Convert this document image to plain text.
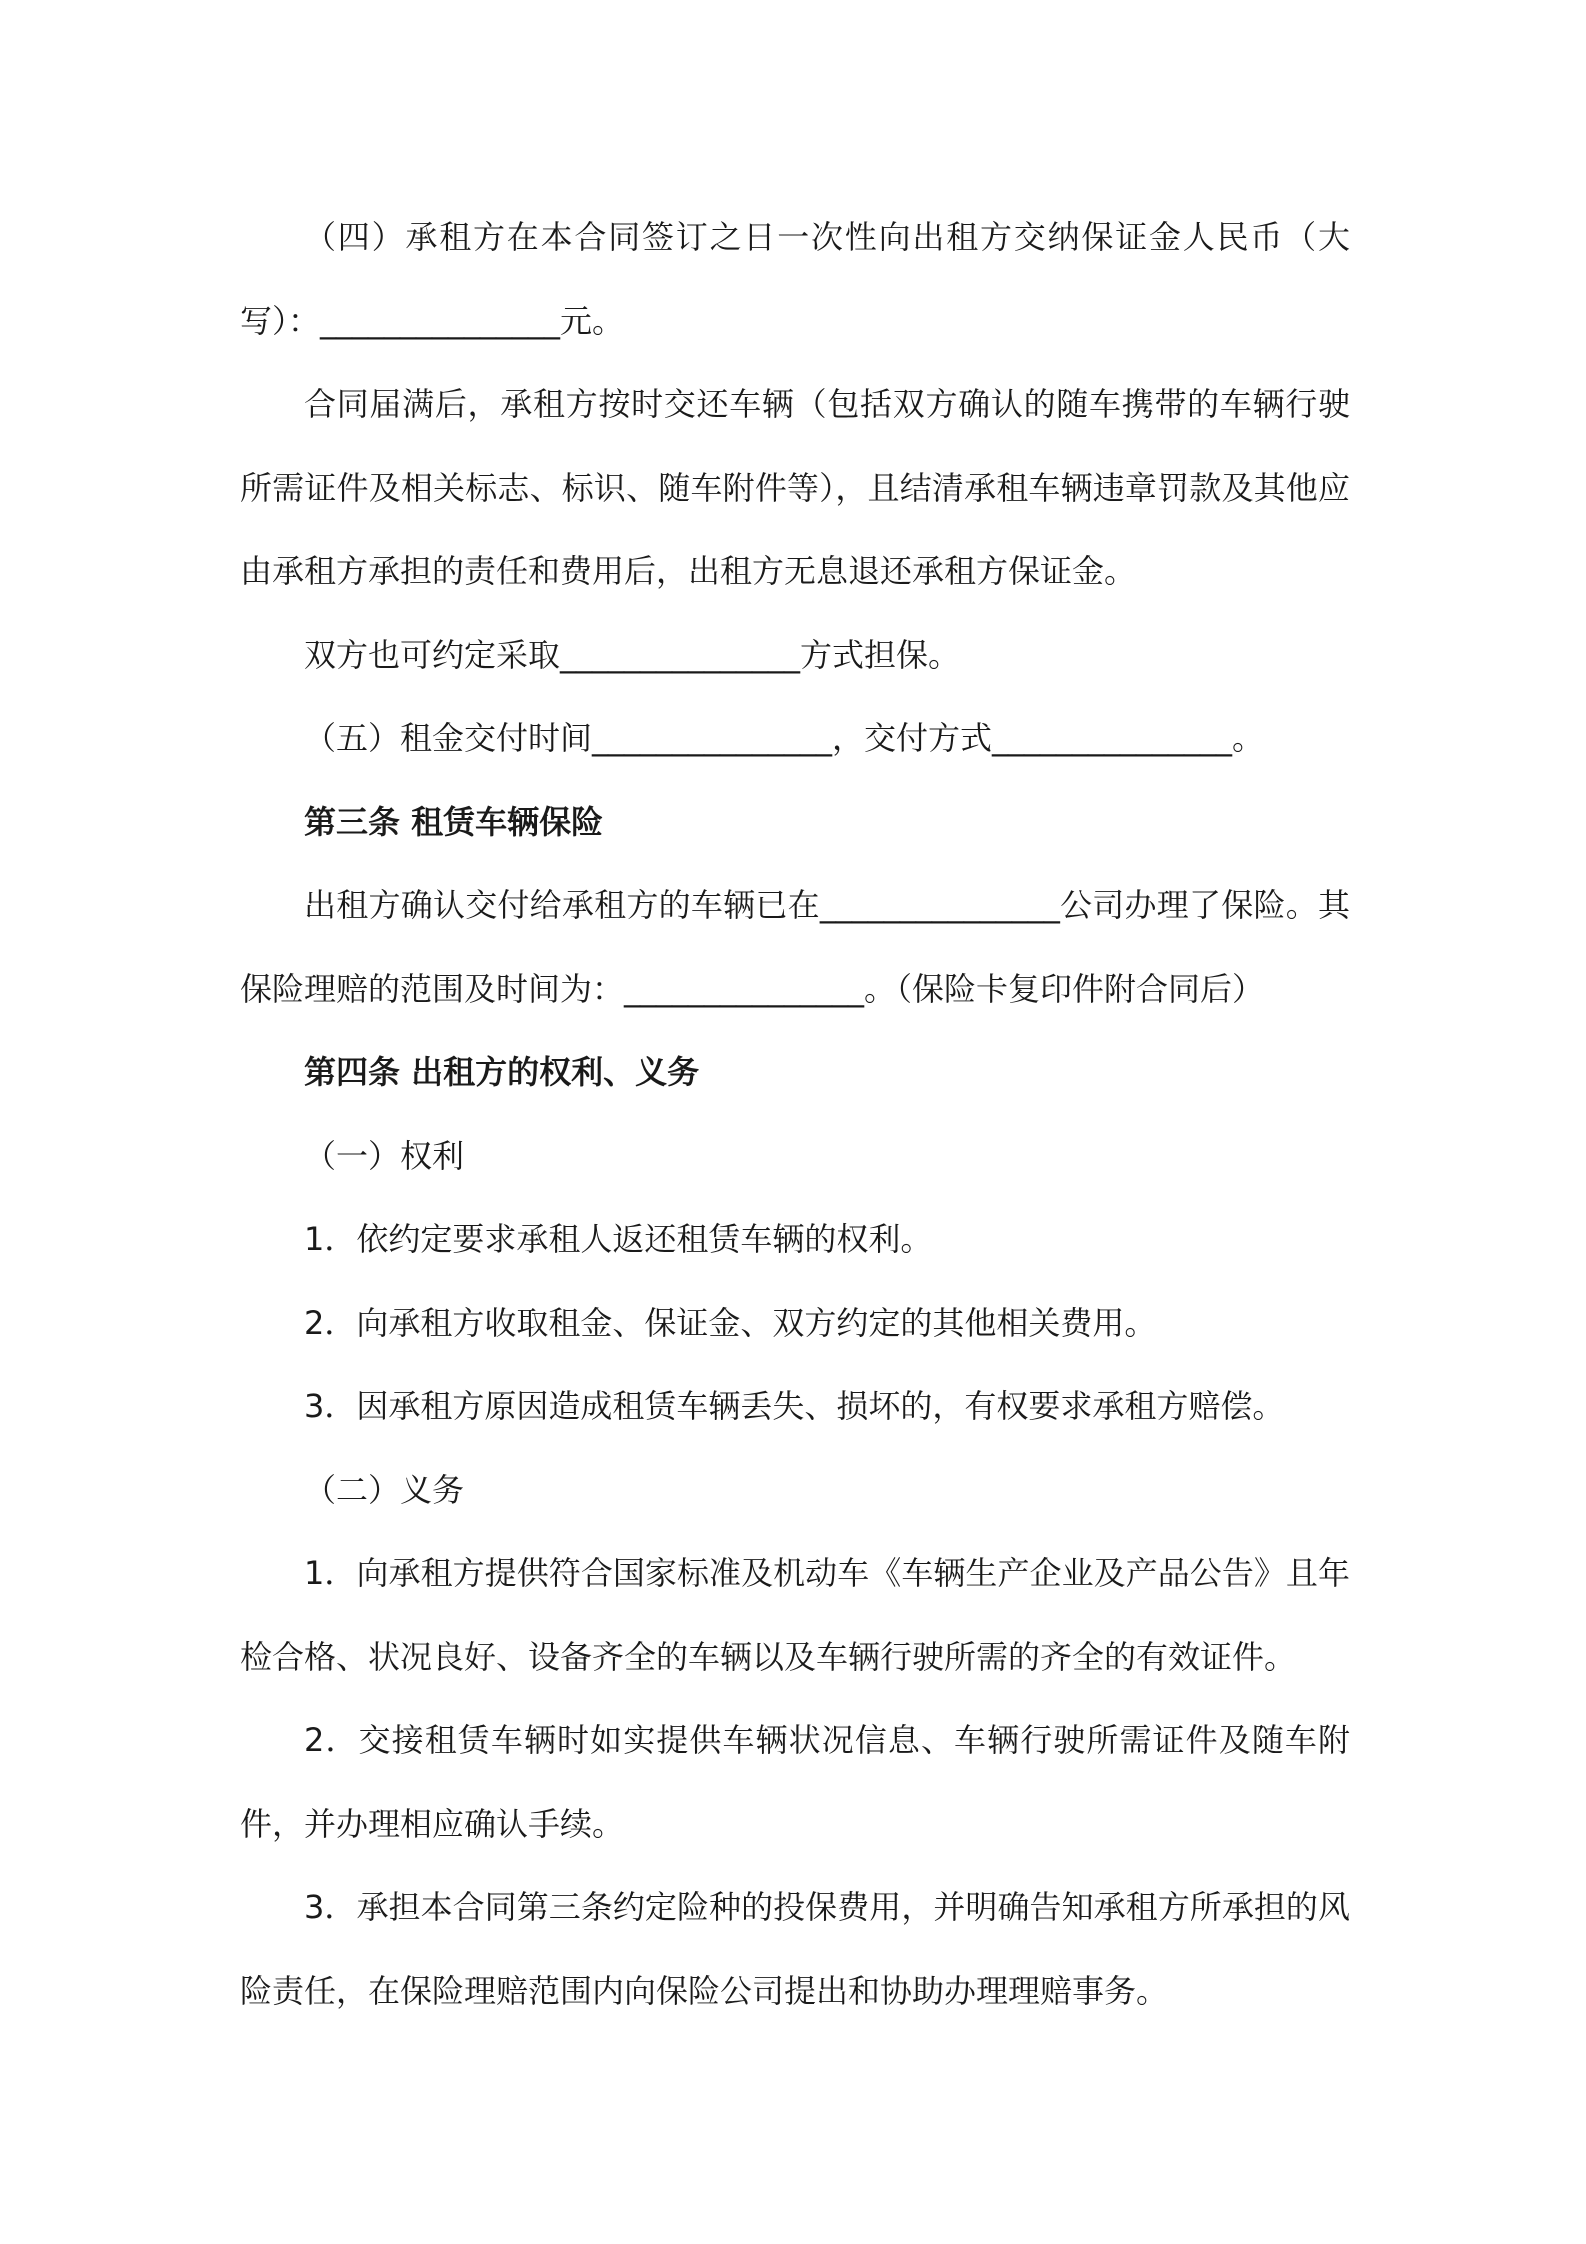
（四）承租方在本合同签订之日一次性向出租方交纳保证金人民币（大写）：_______________元。

合同届满后，承租方按时交还车辆（包括双方确认的随车携带的车辆行驶所需证件及相关标志、标识、随车附件等），且结清承租车辆违章罚款及其他应由承租方承担的责任和费用后，出租方无息退还承租方保证金。

双方也可约定采取_______________方式担保。

（五）租金交付时间_______________，交付方式_______________。

第三条 租赁车辆保险

出租方确认交付给承租方的车辆已在_______________公司办理了保险。其保险理赔的范围及时间为：_______________。（保险卡复印件附合同后）

第四条 出租方的权利、义务

（一）权利

1．依约定要求承租人返还租赁车辆的权利。

2．向承租方收取租金、保证金、双方约定的其他相关费用。

3．因承租方原因造成租赁车辆丢失、损坏的，有权要求承租方赔偿。

（二）义务

1．向承租方提供符合国家标准及机动车《车辆生产企业及产品公告》且年检合格、状况良好、设备齐全的车辆以及车辆行驶所需的齐全的有效证件。

2．交接租赁车辆时如实提供车辆状况信息、车辆行驶所需证件及随车附件，并办理相应确认手续。

3．承担本合同第三条约定险种的投保费用，并明确告知承租方所承担的风险责任，在保险理赔范围内向保险公司提出和协助办理理赔事务。
